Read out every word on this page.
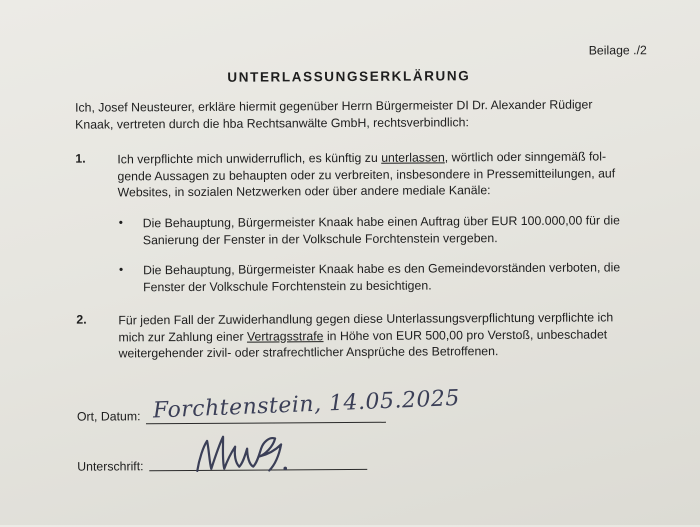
Beilage ./2
UNTERLASSUNGSERKLÄRUNG
Ich, Josef Neusteurer, erkläre hiermit gegenüber Herrn Bürgermeister DI Dr. Alexander Rüdiger
Knaak, vertreten durch die hba Rechtsanwälte GmbH, rechtsverbindlich:
1.	Ich verpflichte mich unwiderruflich, es künftig zu unterlassen, wörtlich oder sinngemäß fol-
gende Aussagen zu behaupten oder zu verbreiten, insbesondere in Pressemitteilungen, auf
Websites, in sozialen Netzwerken oder über andere mediale Kanäle:
• Die Behauptung, Bürgermeister Knaak habe einen Auftrag über EUR 100.000,00 für die
Sanierung der Fenster in der Volkschule Forchtenstein vergeben.
• Die Behauptung, Bürgermeister Knaak habe es den Gemeindevorständen verboten, die
Fenster der Volkschule Forchtenstein zu besichtigen.
2.	Für jeden Fall der Zuwiderhandlung gegen diese Unterlassungsverpflichtung verpflichte ich
mich zur Zahlung einer Vertragsstrafe in Höhe von EUR 500,00 pro Verstoß, unbeschadet
weitergehender zivil- oder strafrechtlicher Ansprüche des Betroffenen.
Ort, Datum: Forchtenstein, 14.05.2025
Unterschrift:
